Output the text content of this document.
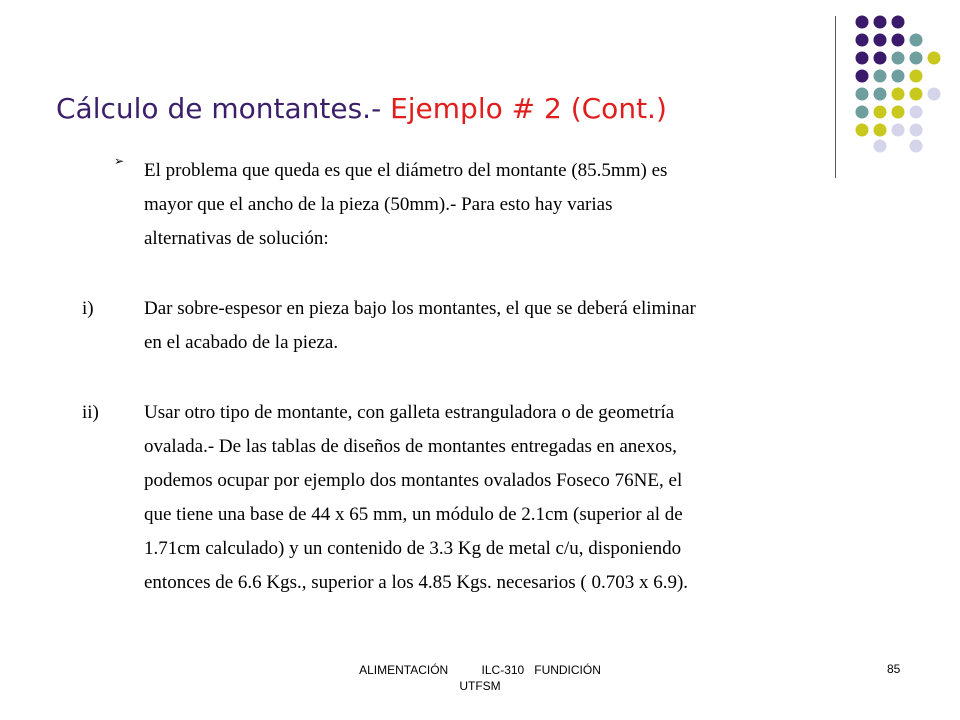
Cálculo de montantes.- Ejemplo # 2 (Cont.)
➢ El problema que queda es que el diámetro del montante (85.5mm) es
mayor que el ancho de la pieza (50mm).- Para esto hay varias
alternativas de solución:
i)	Dar sobre-espesor en pieza bajo los montantes, el que se deberá eliminar
en el acabado de la pieza.
ii) Usar otro tipo de montante, con galleta estranguladora o de geometría
ovalada.- De las tablas de diseños de montantes entregadas en anexos,
podemos ocupar por ejemplo dos montantes ovalados Foseco 76NE, el
que tiene una base de 44 x 65 mm, un módulo de 2.1cm (superior al de
1.71cm calculado) y un contenido de 3.3 Kg de metal c/u, disponiendo
entonces de 6.6 Kgs., superior a los 4.85 Kgs. necesarios ( 0.703 x 6.9).
ALIMENTACIÓN          ILC-310   FUNDICIÓN
UTFSM
85
